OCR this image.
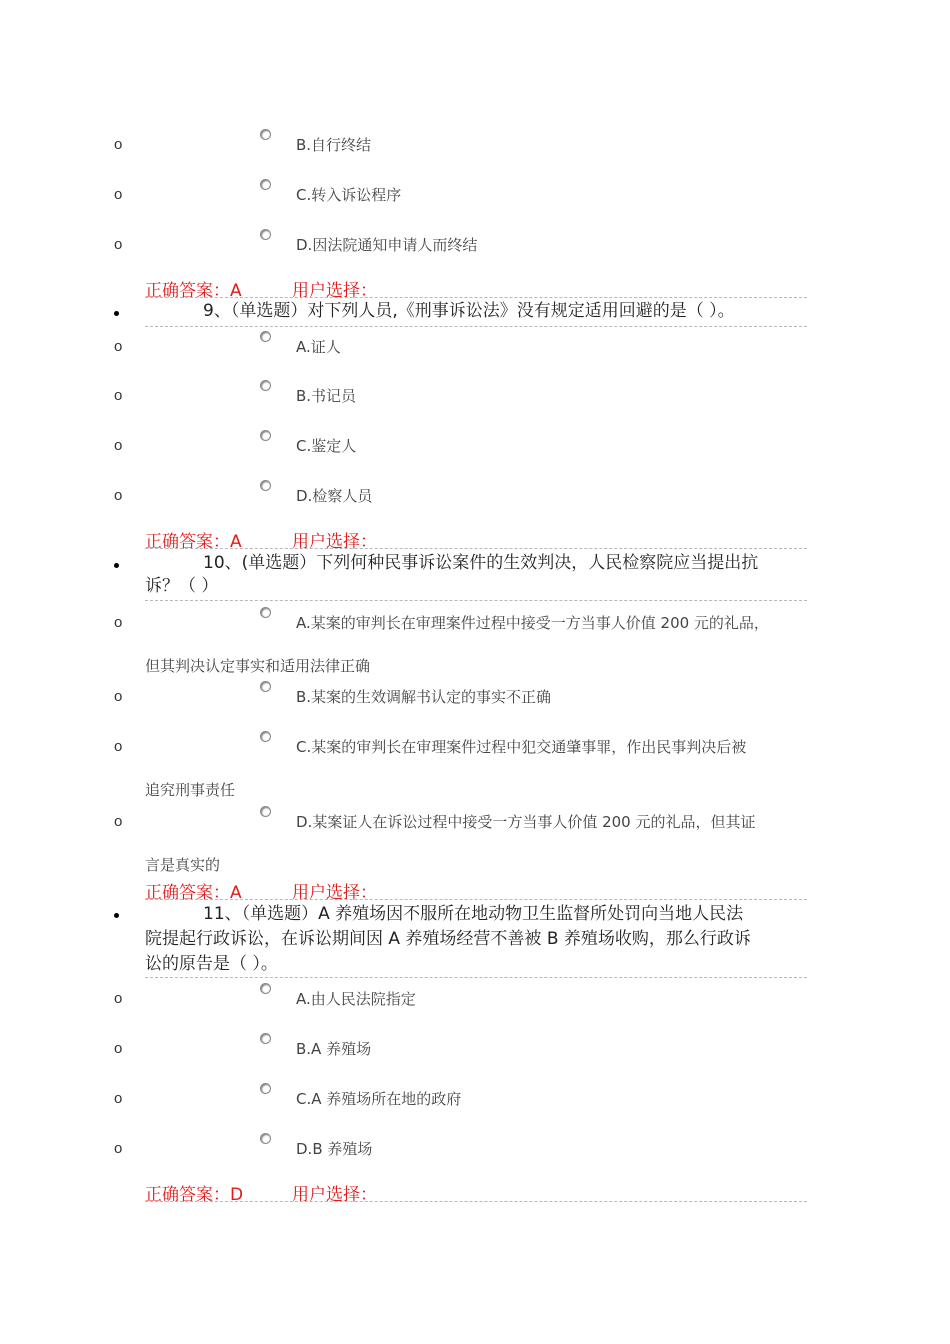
o	B.自行终结
o	C.转入诉讼程序
o	D.因法院通知申请人而终结
正确答案：A	用户选择：
9、（单选题）对下列人员,《刑事诉讼法》没有规定适用回避的是（ ）。
o	A.证人
o	B.书记员
o	C.鉴定人
o	D.检察人员
正确答案：A	用户选择：
10、(单选题）下列何种民事诉讼案件的生效判决，人民检察院应当提出抗
诉？（ ）
o	A.某案的审判长在审理案件过程中接受一方当事人价值 200 元的礼品，
但其判决认定事实和适用法律正确
o	B.某案的生效调解书认定的事实不正确
o	C.某案的审判长在审理案件过程中犯交通肇事罪，作出民事判决后被
追究刑事责任
o	D.某案证人在诉讼过程中接受一方当事人价值 200 元的礼品，但其证
言是真实的
正确答案：A	用户选择：
11、（单选题）A 养殖场因不服所在地动物卫生监督所处罚向当地人民法
院提起行政诉讼，在诉讼期间因 A 养殖场经营不善被 B 养殖场收购，那么行政诉
讼的原告是（ ）。
o	A.由人民法院指定
o	B.A 养殖场
o	C.A 养殖场所在地的政府
o	D.B 养殖场
正确答案：D	用户选择：
